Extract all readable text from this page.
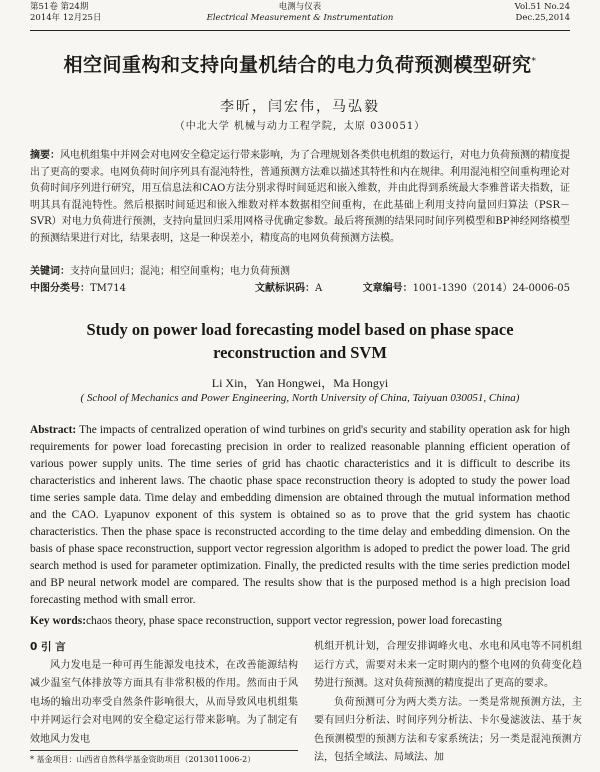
第51卷 第24期
2014年 12月25日
电测与仪表
Electrical Measurement & Instrumentation
Vol.51 No.24
Dec.25,2014
相空间重构和支持向量机结合的电力负荷预测模型研究*
李昕，闫宏伟，马弘毅
（中北大学 机械与动力工程学院，太原 030051）
摘要：风电机组集中并网会对电网安全稳定运行带来影响，为了合理规划各类供电机组的数运行，对电力负荷预测的精度提出了更高的要求。电网负荷时间序列具有混沌特性，普通预测方法难以描述其特性和内在规律。利用混沌相空间重构理论对负荷时间序列进行研究，用互信息法和CAO方法分别求得时间延迟和嵌入维数，并由此得到系统最大李雅普诺夫指数，证明其具有混沌特性。然后根据时间延迟和嵌入维数对样本数据相空间重构，在此基础上利用支持向量回归算法（PSR－SVR）对电力负荷进行预测，支持向量回归采用网格寻优确定参数。最后将预测的结果同时间序列模型和BP神经网络模型的预测结果进行对比，结果表明，这是一种误差小，精度高的电网负荷预测方法模。
关键词：支持向量回归；混沌；相空间重构；电力负荷预测
中图分类号：TM714	文献标识码：A	文章编号：1001-1390（2014）24-0006-05
Study on power load forecasting model based on phase space reconstruction and SVM
Li Xin，Yan Hongwei，Ma Hongyi
( School of Mechanics and Power Engineering, North University of China, Taiyuan 030051, China)
Abstract: The impacts of centralized operation of wind turbines on grid's security and stability operation ask for high requirements for power load forecasting precision in order to realized reasonable planning efficient operation of various power supply units. The time series of grid has chaotic characteristics and it is difficult to describe its characteristics and inherent laws. The chaotic phase space reconstruction theory is adopted to study the power load time series sample data. Time delay and embedding dimension are obtained through the mutual information method and the CAO. Lyapunov exponent of this system is obtained so as to prove that the grid system has chaotic characteristics. Then the phase space is reconstructed according to the time delay and embedding dimension. On the basis of phase space reconstruction, support vector regression algorithm is adoped to predict the power load. The grid search method is used for parameter optimization. Finally, the predicted results with the time series prediction model and BP neural network model are compared. The results show that is the purposed method is a high precision load forecasting method with small error.
Key words:chaos theory, phase space reconstruction, support vector regression, power load forecasting
0 引 言
风力发电是一种可再生能源发电技术，在改善能源结构减少温室气体排放等方面具有非常积极的作用。然而由于风电场的输出功率受自然条件影响很大，从而导致风电机组集中并网运行会对电网的安全稳定运行带来影响。为了制定有效地风力发电
* 基金项目：山西省自然科学基金资助项目（2013011006-2）
机组开机计划，合理安排调峰火电、水电和风电等不同机组运行方式，需要对未来一定时期内的整个电网的负荷变化趋势进行预测。这对负荷预测的精度提出了更高的要求。
负荷预测可分为两大类方法。一类是常规预测方法，主要有回归分析法、时间序列分析法、卡尔曼滤波法、基于灰色预测模型的预测方法和专家系统法；另一类是混沌预测方法，包括全域法、局域法、加
